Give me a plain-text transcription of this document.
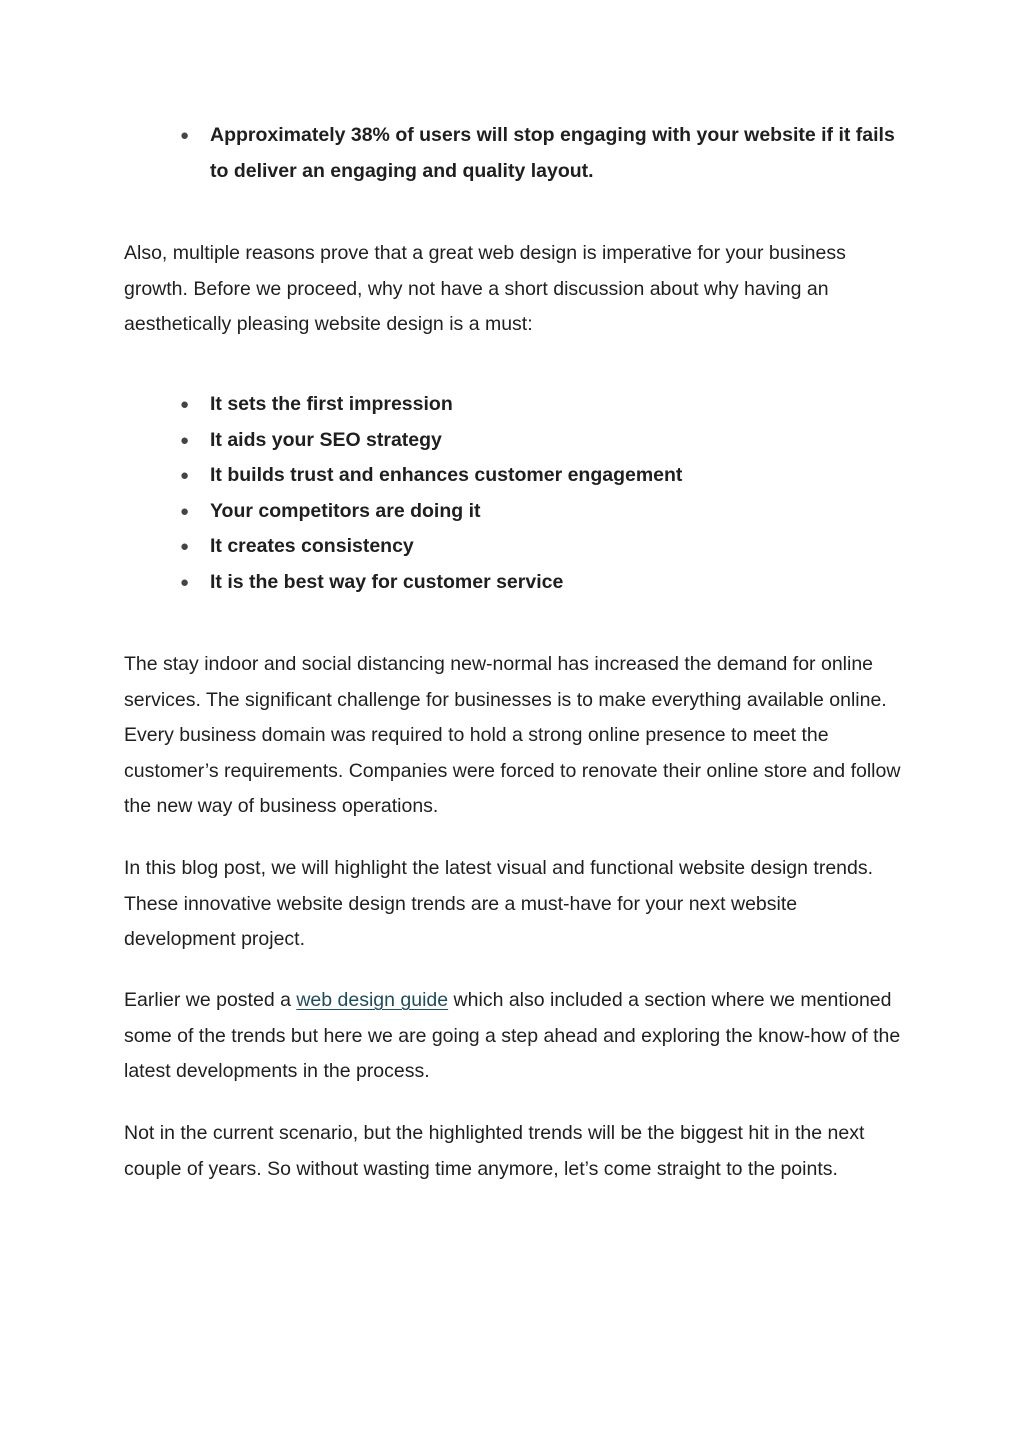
● Approximately 38% of users will stop engaging with your website if it fails to deliver an engaging and quality layout.

Also, multiple reasons prove that a great web design is imperative for your business growth. Before we proceed, why not have a short discussion about why having an aesthetically pleasing website design is a must:

● It sets the first impression
● It aids your SEO strategy
● It builds trust and enhances customer engagement
● Your competitors are doing it
● It creates consistency
● It is the best way for customer service

The stay indoor and social distancing new-normal has increased the demand for online services. The significant challenge for businesses is to make everything available online. Every business domain was required to hold a strong online presence to meet the customer’s requirements. Companies were forced to renovate their online store and follow the new way of business operations.

In this blog post, we will highlight the latest visual and functional website design trends. These innovative website design trends are a must-have for your next website development project.

Earlier we posted a web design guide which also included a section where we mentioned some of the trends but here we are going a step ahead and exploring the know-how of the latest developments in the process.

Not in the current scenario, but the highlighted trends will be the biggest hit in the next couple of years. So without wasting time anymore, let’s come straight to the points.
